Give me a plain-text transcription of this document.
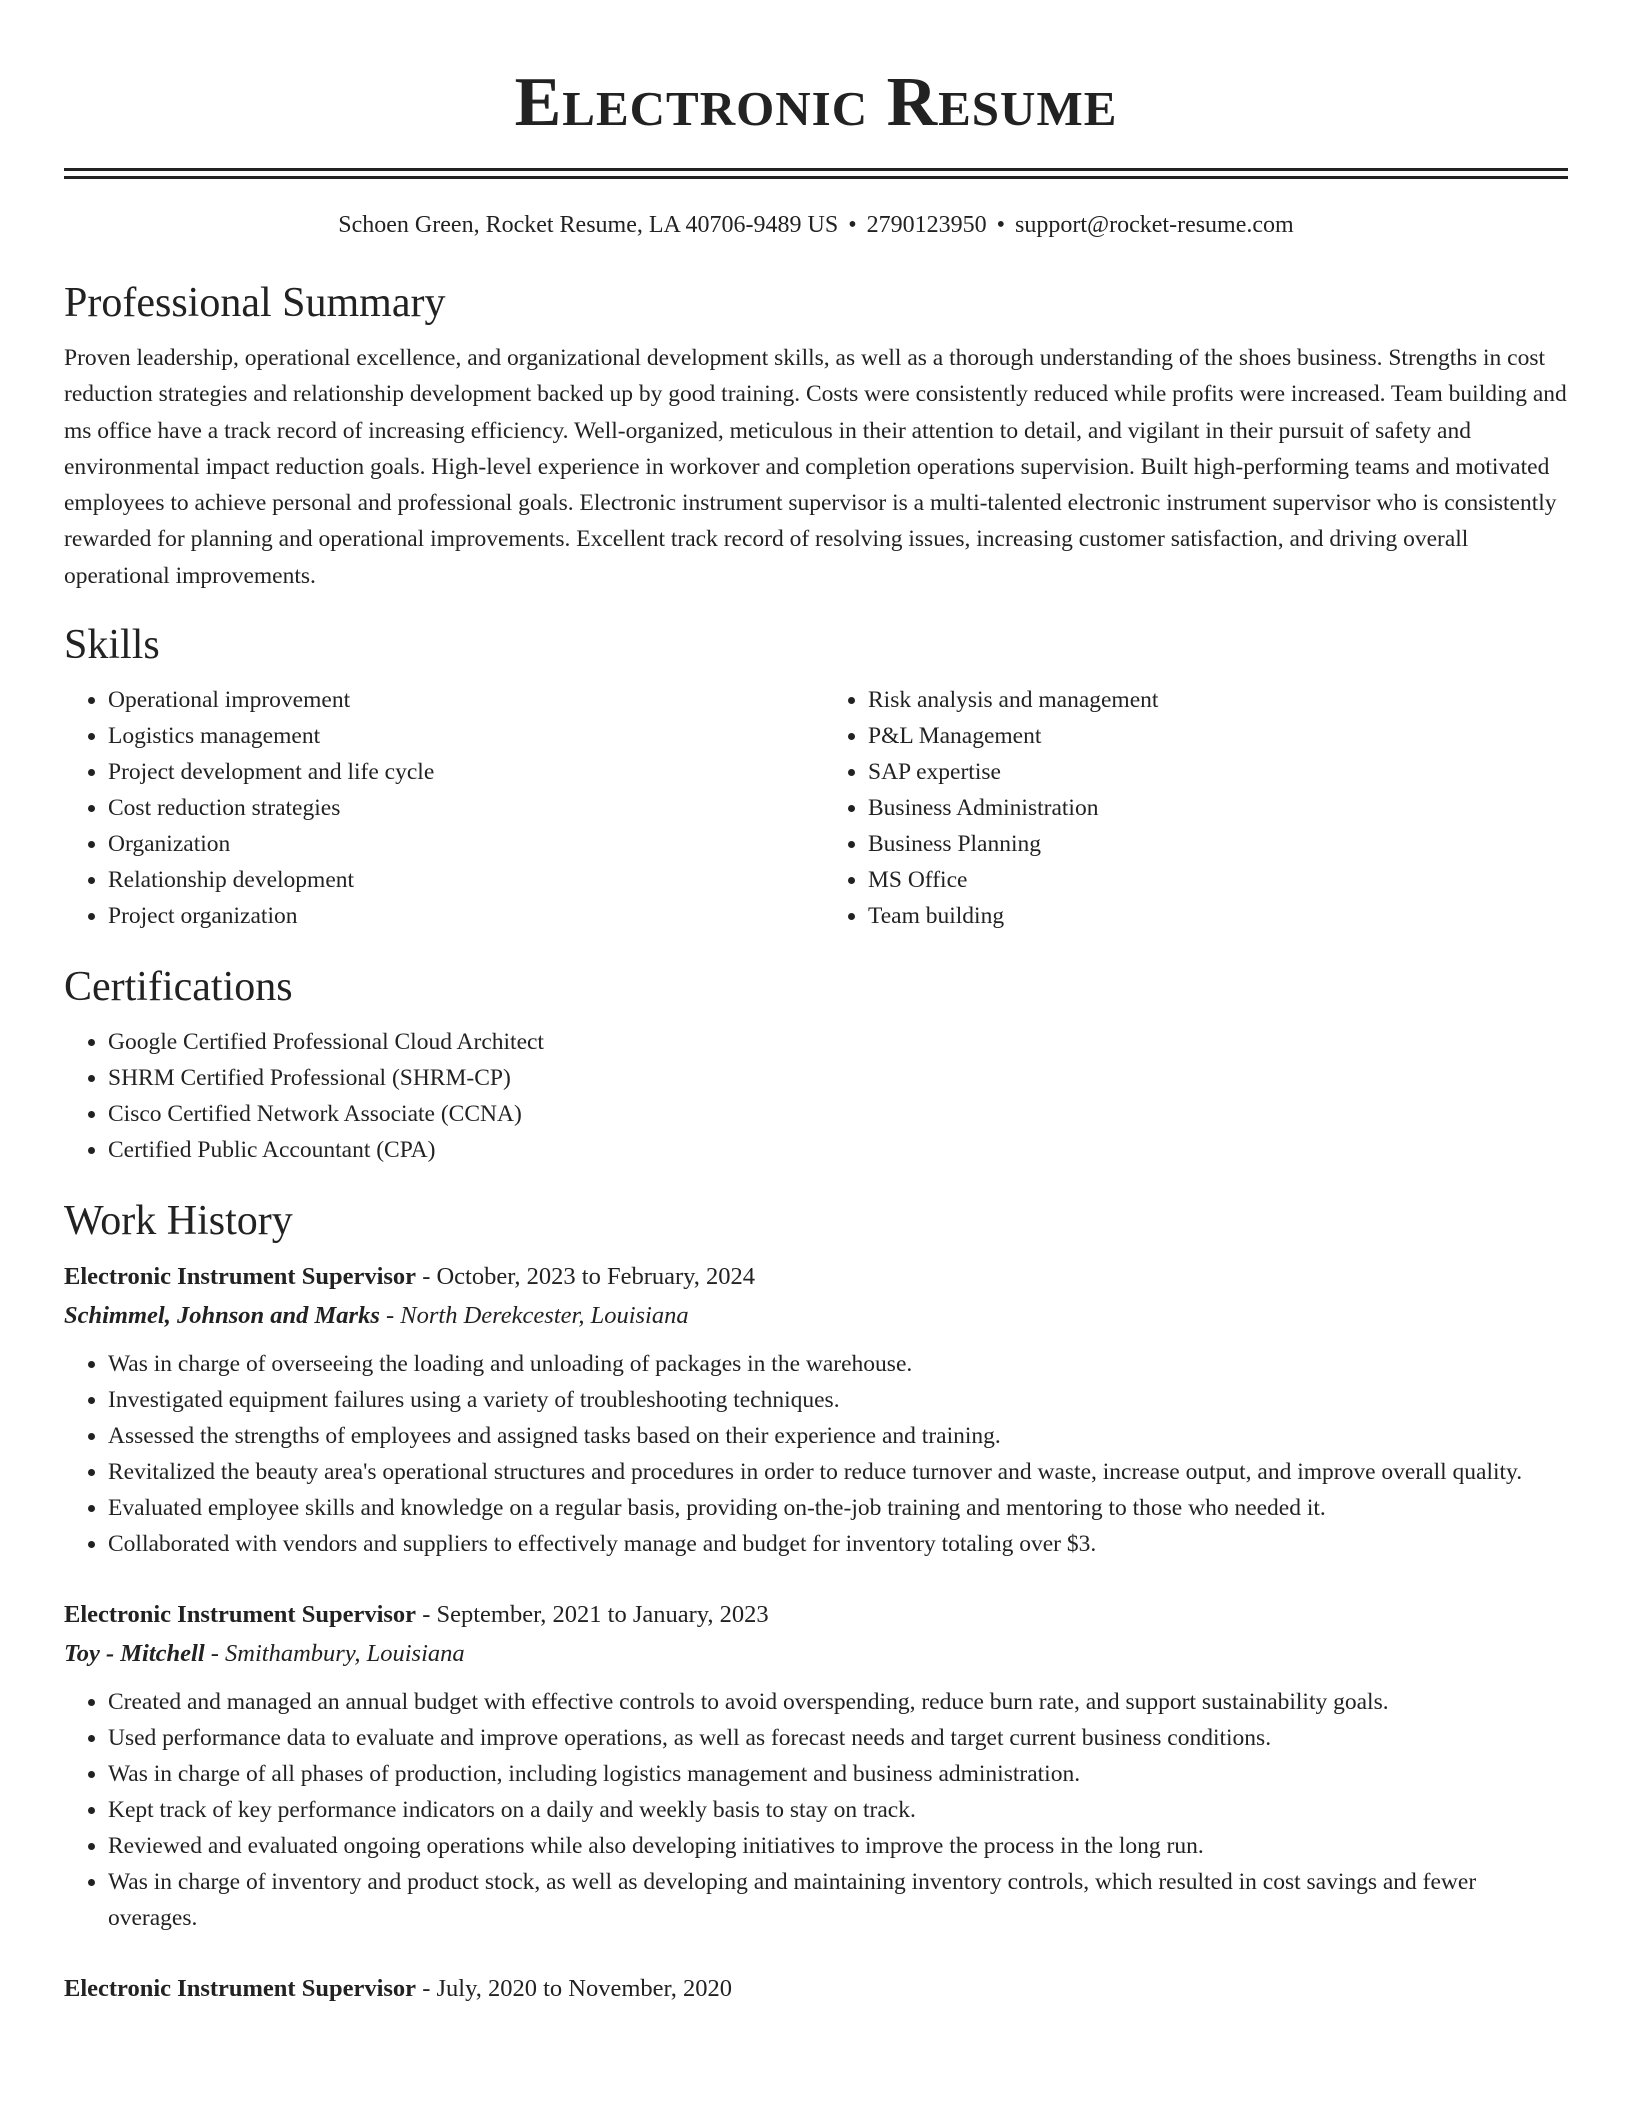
Electronic Resume
Schoen Green, Rocket Resume, LA 40706-9489 US • 2790123950 • support@rocket-resume.com
Professional Summary

Proven leadership, operational excellence, and organizational development skills, as well as a thorough understanding of the shoes business. Strengths in cost reduction strategies and relationship development backed up by good training. Costs were consistently reduced while profits were increased. Team building and ms office have a track record of increasing efficiency. Well-organized, meticulous in their attention to detail, and vigilant in their pursuit of safety and environmental impact reduction goals. High-level experience in workover and completion operations supervision. Built high-performing teams and motivated employees to achieve personal and professional goals. Electronic instrument supervisor is a multi-talented electronic instrument supervisor who is consistently rewarded for planning and operational improvements. Excellent track record of resolving issues, increasing customer satisfaction, and driving overall operational improvements.

Skills
• Operational improvement
• Logistics management
• Project development and life cycle
• Cost reduction strategies
• Organization
• Relationship development
• Project organization
• Risk analysis and management
• P&L Management
• SAP expertise
• Business Administration
• Business Planning
• MS Office
• Team building
Certifications
• Google Certified Professional Cloud Architect
• SHRM Certified Professional (SHRM-CP)
• Cisco Certified Network Associate (CCNA)
• Certified Public Accountant (CPA)
Work History
Electronic Instrument Supervisor - October, 2023 to February, 2024
Schimmel, Johnson and Marks - North Derekcester, Louisiana
• Was in charge of overseeing the loading and unloading of packages in the warehouse.
• Investigated equipment failures using a variety of troubleshooting techniques.
• Assessed the strengths of employees and assigned tasks based on their experience and training.
• Revitalized the beauty area's operational structures and procedures in order to reduce turnover and waste, increase output, and improve overall quality.
• Evaluated employee skills and knowledge on a regular basis, providing on-the-job training and mentoring to those who needed it.
• Collaborated with vendors and suppliers to effectively manage and budget for inventory totaling over $3.
Electronic Instrument Supervisor - September, 2021 to January, 2023
Toy - Mitchell - Smithambury, Louisiana
• Created and managed an annual budget with effective controls to avoid overspending, reduce burn rate, and support sustainability goals.
• Used performance data to evaluate and improve operations, as well as forecast needs and target current business conditions.
• Was in charge of all phases of production, including logistics management and business administration.
• Kept track of key performance indicators on a daily and weekly basis to stay on track.
• Reviewed and evaluated ongoing operations while also developing initiatives to improve the process in the long run.
• Was in charge of inventory and product stock, as well as developing and maintaining inventory controls, which resulted in cost savings and fewer overages.
Electronic Instrument Supervisor - July, 2020 to November, 2020
